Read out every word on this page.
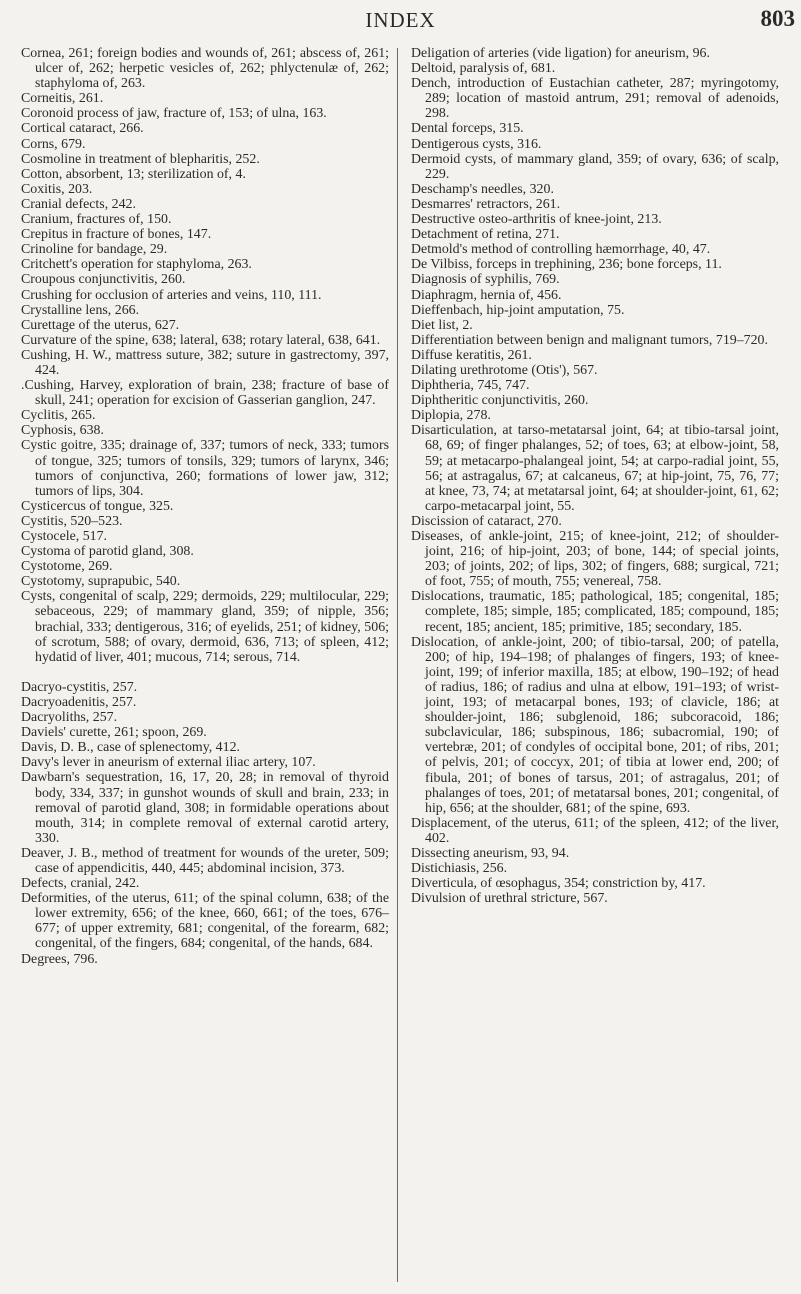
INDEX	803

Cornea, 261; foreign bodies and wounds of, 261; abscess of, 261; ulcer of, 262; herpetic vesicles of, 262; phlyctenulæ of, 262; staphyloma of, 263.

Corneitis, 261.

Coronoid process of jaw, fracture of, 153; of ulna, 163.

Cortical cataract, 266.

Corns, 679.

Cosmoline in treatment of blepharitis, 252.

Cotton, absorbent, 13; sterilization of, 4.

Coxitis, 203.

Cranial defects, 242.

Cranium, fractures of, 150.

Crepitus in fracture of bones, 147.

Crinoline for bandage, 29.

Critchett's operation for staphyloma, 263.

Croupous conjunctivitis, 260.

Crushing for occlusion of arteries and veins, 110, 111.

Crystalline lens, 266.

Curettage of the uterus, 627.

Curvature of the spine, 638; lateral, 638; rotary lateral, 638, 641.

Cushing, H. W., mattress suture, 382; suture in gastrectomy, 397, 424.

.Cushing, Harvey, exploration of brain, 238; fracture of base of skull, 241; operation for excision of Gasserian ganglion, 247.

Cyclitis, 265.

Cyphosis, 638.

Cystic goitre, 335; drainage of, 337; tumors of neck, 333; tumors of tongue, 325; tumors of tonsils, 329; tumors of larynx, 346; tumors of conjunctiva, 260; formations of lower jaw, 312; tumors of lips, 304.

Cysticercus of tongue, 325.

Cystitis, 520–523.

Cystocele, 517.

Cystoma of parotid gland, 308.

Cystotome, 269.

Cystotomy, suprapubic, 540.

Cysts, congenital of scalp, 229; dermoids, 229; multilocular, 229; sebaceous, 229; of mammary gland, 359; of nipple, 356; brachial, 333; dentigerous, 316; of eyelids, 251; of kidney, 506; of scrotum, 588; of ovary, dermoid, 636, 713; of spleen, 412; hydatid of liver, 401; mucous, 714; serous, 714.

Dacryo-cystitis, 257.

Dacryoadenitis, 257.

Dacryoliths, 257.

Daviels' curette, 261; spoon, 269.

Davis, D. B., case of splenectomy, 412.

Davy's lever in aneurism of external iliac artery, 107.

Dawbarn's sequestration, 16, 17, 20, 28; in removal of thyroid body, 334, 337; in gunshot wounds of skull and brain, 233; in removal of parotid gland, 308; in formidable operations about mouth, 314; in complete removal of external carotid artery, 330.

Deaver, J. B., method of treatment for wounds of the ureter, 509; case of appendicitis, 440, 445; abdominal incision, 373.

Defects, cranial, 242.

Deformities, of the uterus, 611; of the spinal column, 638; of the lower extremity, 656; of the knee, 660, 661; of the toes, 676–677; of upper extremity, 681; congenital, of the forearm, 682; congenital, of the fingers, 684; congenital, of the hands, 684.

Degrees, 796.

Deligation of arteries (vide ligation) for aneurism, 96.

Deltoid, paralysis of, 681.

Dench, introduction of Eustachian catheter, 287; myringotomy, 289; location of mastoid antrum, 291; removal of adenoids, 298.

Dental forceps, 315.

Dentigerous cysts, 316.

Dermoid cysts, of mammary gland, 359; of ovary, 636; of scalp, 229.

Deschamp's needles, 320.

Desmarres' retractors, 261.

Destructive osteo-arthritis of knee-joint, 213.

Detachment of retina, 271.

Detmold's method of controlling hæmorrhage, 40, 47.

De Vilbiss, forceps in trephining, 236; bone forceps, 11.

Diagnosis of syphilis, 769.

Diaphragm, hernia of, 456.

Dieffenbach, hip-joint amputation, 75.

Diet list, 2.

Differentiation between benign and malignant tumors, 719–720.

Diffuse keratitis, 261.

Dilating urethrotome (Otis'), 567.

Diphtheria, 745, 747.

Diphtheritic conjunctivitis, 260.

Diplopia, 278.

Disarticulation, at tarso-metatarsal joint, 64; at tibio-tarsal joint, 68, 69; of finger phalanges, 52; of toes, 63; at elbow-joint, 58, 59; at metacarpo-phalangeal joint, 54; at carpo-radial joint, 55, 56; at astragalus, 67; at calcaneus, 67; at hip-joint, 75, 76, 77; at knee, 73, 74; at metatarsal joint, 64; at shoulder-joint, 61, 62; carpo-metacarpal joint, 55.

Discission of cataract, 270.

Diseases, of ankle-joint, 215; of knee-joint, 212; of shoulder-joint, 216; of hip-joint, 203; of bone, 144; of special joints, 203; of joints, 202; of lips, 302; of fingers, 688; surgical, 721; of foot, 755; of mouth, 755; venereal, 758.

Dislocations, traumatic, 185; pathological, 185; congenital, 185; complete, 185; simple, 185; complicated, 185; compound, 185; recent, 185; ancient, 185; primitive, 185; secondary, 185.

Dislocation, of ankle-joint, 200; of tibio-tarsal, 200; of patella, 200; of hip, 194–198; of phalanges of fingers, 193; of knee-joint, 199; of inferior maxilla, 185; at elbow, 190–192; of head of radius, 186; of radius and ulna at elbow, 191–193; of wrist-joint, 193; of metacarpal bones, 193; of clavicle, 186; at shoulder-joint, 186; subglenoid, 186; subcoracoid, 186; subclavicular, 186; subspinous, 186; subacromial, 190; of vertebræ, 201; of condyles of occipital bone, 201; of ribs, 201; of pelvis, 201; of coccyx, 201; of tibia at lower end, 200; of fibula, 201; of bones of tarsus, 201; of astragalus, 201; of phalanges of toes, 201; of metatarsal bones, 201; congenital, of hip, 656; at the shoulder, 681; of the spine, 693.

Displacement, of the uterus, 611; of the spleen, 412; of the liver, 402.

Dissecting aneurism, 93, 94.

Distichiasis, 256.

Diverticula, of œsophagus, 354; constriction by, 417.

Divulsion of urethral stricture, 567.
